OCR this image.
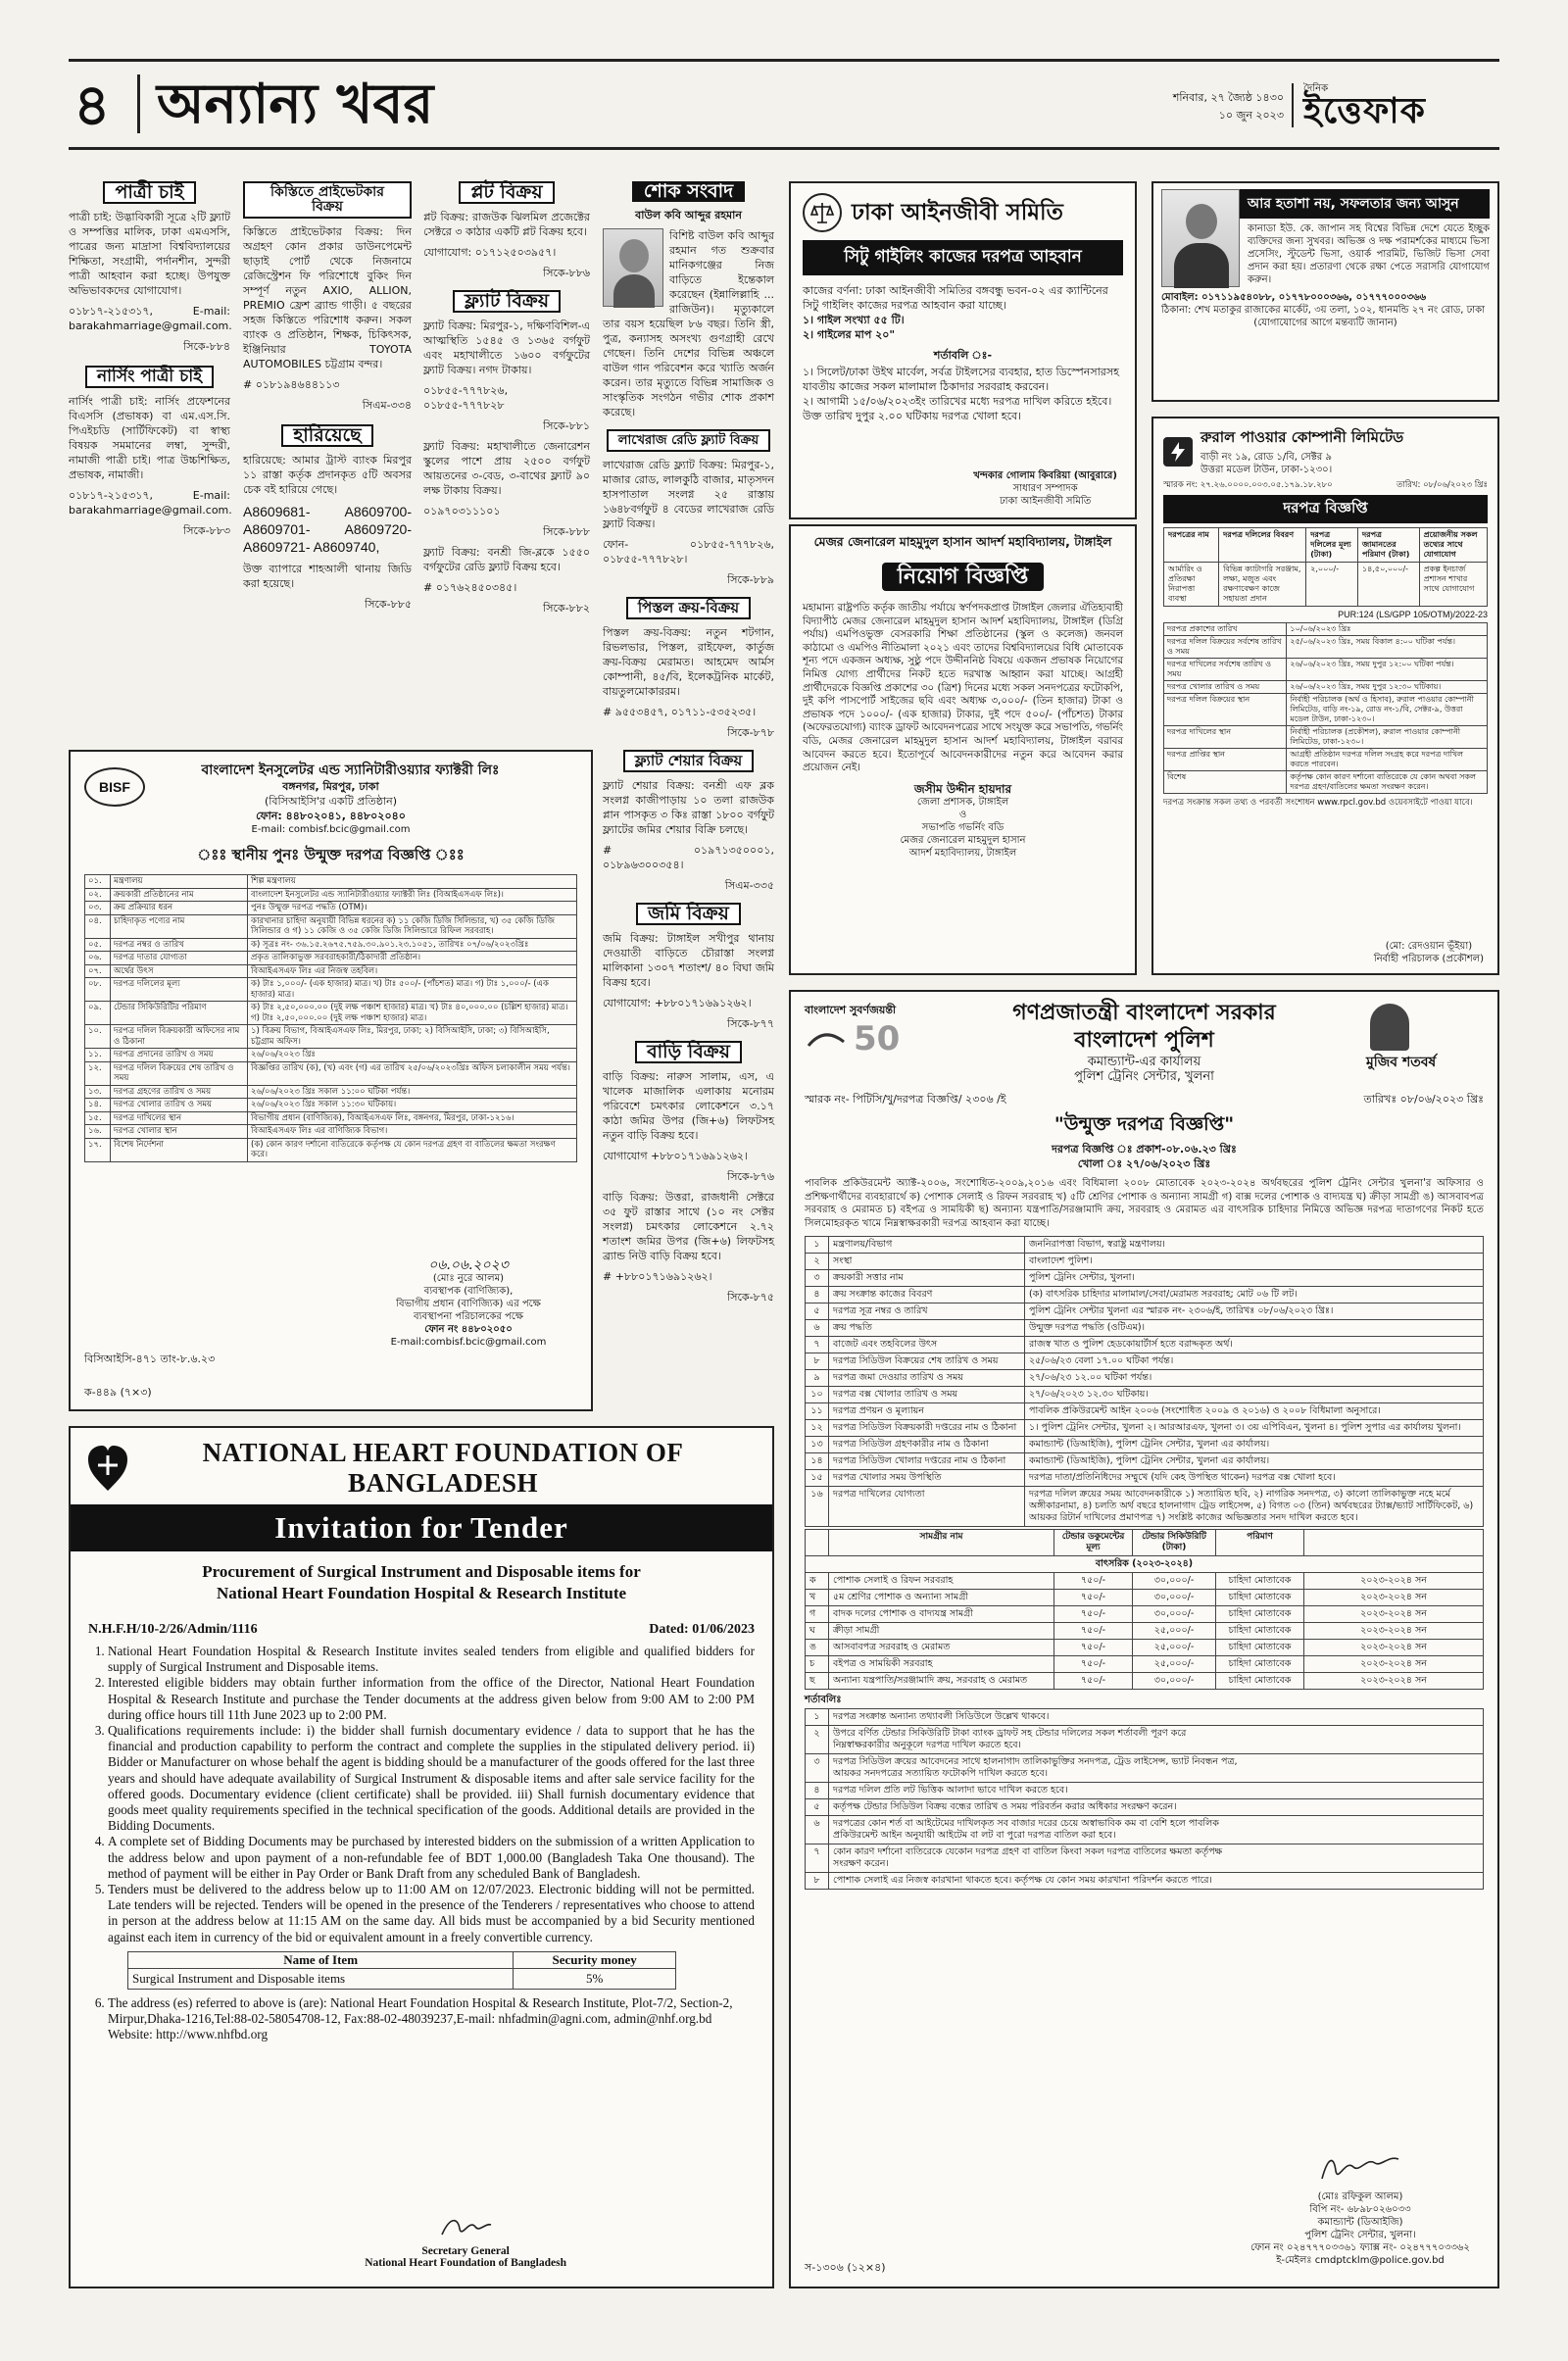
৪ অন্যান্য খবর	শনিবার, ২৭ জ্যৈষ্ঠ ১৪৩০
১০ জুন ২০২৩
দৈনিক
ইত্তেফাক
পাত্রী চাই

পাত্রী চাই: উদ্ভাবিকারী সূত্রে ২টি ফ্ল্যাট ও সম্পত্তির মালিক, ঢাকা এমএসসি, পাত্রের জন্য মাদ্রাসা বিশ্ববিদ্যালয়ের শিক্ষিতা, সংগ্রামী, পর্দানশীন, সুন্দরী পাত্রী আহবান করা হচ্ছে। উপযুক্ত অভিভাবকদের যোগাযোগ।

০১৮১৭-২১৫৩১৭, E-mail: barakahmarriage@gmail.com.

সিকে-৮৮৪

নার্সিং পাত্রী চাই

নার্সিং পাত্রী চাই: নার্সিং প্রফেশনের বিএসসি (প্রভাষক) বা এম.এস.সি. পিএইচডি (সার্টিফিকেট) বা স্বাস্থ্য বিষয়ক সমমানের লম্বা, সুন্দরী, নামাজী পাত্রী চাই। পাত্র উচ্চশিক্ষিত, প্রভাষক, নামাজী।

০১৮১৭-২১৫৩১৭, E-mail: barakahmarriage@gmail.com.

সিকে-৮৮৩

কিস্তিতে প্রাইভেটকার বিক্রয়

কিস্তিতে প্রাইভেটকার বিক্রয়: দিন অগ্রহণ কোন প্রকার ডাউনপেমেন্ট ছাড়াই পোর্ট থেকে নিজনামে রেজিস্ট্রেশন ফি পরিশোধে বুকিং দিন সম্পূর্ণ নতুন AXIO, ALLION, PREMIO ফ্রেশ ব্র্যান্ড গাড়ী। ৫ বছরের সহজ কিস্তিতে পরিশোধ করুন। সকল ব্যাংক ও প্রতিষ্ঠান, শিক্ষক, চিকিৎসক, ইঞ্জিনিয়ার TOYOTA AUTOMOBILES চট্টগ্রাম বন্দর।

# ০১৮১৯৪৬৪৪১১৩

সিএম-৩৩৪

হারিয়েছে

হারিয়েছে: আমার ট্রাস্ট ব্যাংক মিরপুর ১১ রাস্তা কর্তৃক প্রদানকৃত ৫টি অবসর চেক বই হারিয়ে গেছে।

A8609681- A8609700- A8609701- A8609720- A8609721- A8609740,

উক্ত ব্যাপারে শাহআলী থানায় জিডি করা হয়েছে।

সিকে-৮৮৫

প্লট বিক্রয়

প্লট বিক্রয়: রাজউক ঝিলমিল প্রজেক্টের সেক্টরে ৩ কাঠার একটি প্লট বিক্রয় হবে।

যোগাযোগ: ০১৭১২৫০৩৯৫৭।

সিকে-৮৮৬

ফ্ল্যাট বিক্রয়

ফ্ল্যাট বিক্রয়: মিরপুর-১, দক্ষিণবিশিল-এ আত্মস্থিতি ১৫৪৫ ও ১৩৬৫ বর্গফুট এবং মহাখালীতে ১৬০০ বর্গফুটের ফ্ল্যাট বিক্রয়। নগদ টাকায়।

০১৮৫৫-৭৭৭৮২৬, ০১৮৫৫-৭৭৭৮২৮

সিকে-৮৮১

ফ্ল্যাট বিক্রয়: মহাখালীতে জেনারেশন স্কুলের পাশে প্রায় ২৫০০ বর্গফুট আয়তনের ৩-বেড, ৩-বাথের ফ্ল্যাট ৯০ লক্ষ টাকায় বিক্রয়।

০১৯৭০৩১১১০১

সিকে-৮৮৮

ফ্ল্যাট বিক্রয়: বনশ্রী জি-ব্লকে ১৫৫০ বর্গফুটের রেডি ফ্ল্যাট বিক্রয় হবে।

# ০১৭৬২৪৫০৩৪৫।

সিকে-৮৮২

শোক সংবাদ

বাউল কবি আব্দুর রহমান

বিশিষ্ট বাউল কবি আব্দুর রহমান গত শুক্রবার মানিকগঞ্জের নিজ বাড়িতে ইন্তেকাল করেছেন (ইন্নালিল্লাহি ... রাজিউন)। মৃত্যুকালে তার বয়স হয়েছিল ৮৬ বছর। তিনি স্ত্রী, পুত্র, কন্যাসহ অসংখ্য গুণগ্রাহী রেখে গেছেন। তিনি দেশের বিভিন্ন অঞ্চলে বাউল গান পরিবেশন করে খ্যাতি অর্জন করেন। তার মৃত্যুতে বিভিন্ন সামাজিক ও সাংস্কৃতিক সংগঠন গভীর শোক প্রকাশ করেছে।

লাখেরাজ রেডি ফ্ল্যাট বিক্রয়

লাখেরাজ রেডি ফ্ল্যাট বিক্রয়: মিরপুর-১, মাজার রোড, লালকুঠি বাজার, মাতৃসদন হাসপাতাল সংলগ্ন ২৫ রাস্তায় ১৬৪৮বর্গফুট ৪ বেডের লাখেরাজ রেডি ফ্ল্যাট বিক্রয়।

ফোন- ০১৮৫৫-৭৭৭৮২৬, ০১৮৫৫-৭৭৭৮২৮।

সিকে-৮৮৯

পিস্তল ক্রয়-বিক্রয়

পিস্তল ক্রয়-বিক্রয়: নতুন শটগান, রিভলভার, পিস্তল, রাইফেল, কার্তুজ ক্রয়-বিক্রয় মেরামত। আহমেদ আর্মস কোম্পানী, ৪৫/বি, ইলেকট্রনিক মার্কেট, বায়তুলমোকাররম।

# ৯৫৫৩৪৫৭, ০১৭১১-৫৩৫২৩৫।

সিকে-৮৭৮

ফ্ল্যাট শেয়ার বিক্রয়

ফ্ল্যাট শেয়ার বিক্রয়: বনশ্রী এফ ব্লক সংলগ্ন কাজীপাড়ায় ১০ তলা রাজউক প্লান পাসকৃত ৩ কিঃ রাস্তা ১৮০০ বর্গফুট ফ্ল্যাটের জমির শেয়ার বিক্রি চলছে।

# ০১৯৭১৩৫০০০১, ০১৮৯৬৩০০৩৫৪।

সিএম-৩৩৫

জমি বিক্রয়

জমি বিক্রয়: টাঙ্গাইল সখীপুর থানায় দেওয়াতী বাড়িতে চৌরাস্তা সংলগ্ন মালিকানা ১৩০৭ শতাংশ/ ৪০ বিঘা জমি বিক্রয় হবে।

যোগাযোগ: +৮৮০১৭১৬৯১২৬২।

সিকে-৮৭৭

বাড়ি বিক্রয়

বাড়ি বিক্রয়: নারুস সালাম, এস, এ খালেক মাজালিক এলাকায় মনোরম পরিবেশে চমৎকার লোকেশনে ৩.১৭ কাঠা জমির উপর (জি+৬) লিফটসহ নতুন বাড়ি বিক্রয় হবে।

যোগাযোগ +৮৮০১৭১৬৯১২৬২।

সিকে-৮৭৬

বাড়ি বিক্রয়: উত্তরা, রাজধানী সেক্টরে ৩৫ ফুট রাস্তার সাথে (১০ নং সেক্টর সংলগ্ন) চমৎকার লোকেশনে ২.৭২ শতাংশ জমির উপর (জি+৬) লিফটসহ ব্র্যান্ড নিউ বাড়ি বিক্রয় হবে।

# +৮৮০১৭১৬৯১২৬২।

সিকে-৮৭৫

BISF
বাংলাদেশ ইনসুলেটর এন্ড স্যানিটারীওয়্যার ফ্যাক্টরী লিঃ
বঙ্গনগর, মিরপুর, ঢাকা
(বিসিআইসি'র একটি প্রতিষ্ঠান)
ফোন: ৪৪৮০২০৪১, ৪৪৮০২০৪০
E-mail: combisf.bcic@gmail.com
ঃঃ স্থানীয় পুনঃ উন্মুক্ত দরপত্র বিজ্ঞপ্তি ঃঃ
০১.	মন্ত্রণালয়	শিল্প মন্ত্রণালয়
০২.	ক্রয়কারী প্রতিষ্ঠানের নাম	বাংলাদেশ ইনসুলেটর এন্ড স্যানিটারীওয়্যার ফ্যাক্টরী লিঃ (বিআইএসএফ লিঃ)।
০৩.	ক্রয় প্রক্রিয়ার ধরন	পুনঃ উন্মুক্ত দরপত্র পদ্ধতি (OTM)।
০৪.	চাহিদাকৃত পণ্যের নাম	কারখানার চাহিদা অনুযায়ী বিভিন্ন ধরনের ক) ১১ কেজি ডিজি সিলিন্ডার, খ) ৩৫ কেজি ডিজি সিলিন্ডার ও গ) ১১ কেজি ও ৩৫ কেজি ডিজি সিলিন্ডারে রিফিল সরবরাহ।
০৫.	দরপত্র নম্বর ও তারিখ	ক) সূত্রঃ নং- ৩৬.১৫.২৬৭৫.৭৫৯.৩০.৯০১.২৩.১০৫১, তারিখঃ ০৭/০৬/২০২৩খ্রিঃ
০৬.	দরপত্র দাতার যোগ্যতা	প্রকৃত তালিকাভুক্ত সরবরাহকারী/ঠিকাদারী প্রতিষ্ঠান।
০৭.	অর্থের উৎস	বিআইএসএফ লিঃ এর নিজস্ব তহবিল।
০৮.	দরপত্র দলিলের মূল্য	ক) টাঃ ১,০০০/- (এক হাজার) মাত্র। খ) টাঃ ৫০০/- (পাঁচশত) মাত্র। গ) টাঃ ১,০০০/- (এক হাজার) মাত্র।
০৯.	টেন্ডার সিকিউরিটির পরিমাণ	ক) টাঃ ২,৫০,০০০.০০ (দুই লক্ষ পঞ্চাশ হাজার) মাত্র। খ) টাঃ ৪০,০০০.০০ (চল্লিশ হাজার) মাত্র। গ) টাঃ ২,৫০,০০০.০০ (দুই লক্ষ পঞ্চাশ হাজার) মাত্র।
১০.	দরপত্র দলিল বিক্রয়কারী অফিসের নাম ও ঠিকানা	১) বিক্রয় বিভাগ, বিআইএসএফ লিঃ, মিরপুর, ঢাকা; ২) বিসিআইসি, ঢাকা; ৩) বিসিআইসি, চট্টগ্রাম অফিস।
১১.	দরপত্র প্রদানের তারিখ ও সময়	২৬/০৬/২০২৩ খ্রিঃ
১২.	দরপত্র দলিল বিক্রয়ের শেষ তারিখ ও সময়	বিজ্ঞপ্তির তারিখ (ক), (খ) এবং (গ) এর তারিখ ২৫/০৬/২০২৩খ্রিঃ অফিস চলাকালীন সময় পর্যন্ত।
১৩.	দরপত্র গ্রহণের তারিখ ও সময়	২৬/০৬/২০২৩ খ্রিঃ সকাল ১১:০০ ঘটিকা পর্যন্ত।
১৪.	দরপত্র খোলার তারিখ ও সময়	২৬/০৬/২০২৩ খ্রিঃ সকাল ১১:৩০ ঘটিকায়।
১৫.	দরপত্র দাখিলের স্থান	বিভাগীয় প্রধান (বাণিজ্যিক), বিআইএসএফ লিঃ, বঙ্গনগর, মিরপুর, ঢাকা-১২১৬।
১৬.	দরপত্র খোলার স্থান	বিআইএসএফ লিঃ এর বাণিজ্যিক বিভাগ।
১৭.	বিশেষ নির্দেশনা	(ক) কোন কারণ দর্শানো ব্যতিরেকে কর্তৃপক্ষ যে কোন দরপত্র গ্রহণ বা বাতিলের ক্ষমতা সংরক্ষণ করে।
০৬.০৬.২০২৩
(মোঃ নুরে আলম)
ব্যবস্থাপক (বাণিজ্যিক),
বিভাগীয় প্রধান (বাণিজ্যিক) এর পক্ষে
ব্যবস্থাপনা পরিচালকের পক্ষে
ফোন নং ৪৪৮০২০৫০
E-mail:combisf.bcic@gmail.com
বিসিআইসি-৪৭১ তাং-৮.৬.২৩
ক-৪৪৯ (৭×৩)
NATIONAL HEART FOUNDATION OF BANGLADESH
Invitation for Tender
Procurement of Surgical Instrument and Disposable items for
National Heart Foundation Hospital & Research Institute
N.H.F.H/10-2/26/Admin/1116	Dated: 01/06/2023
1. National Heart Foundation Hospital & Research Institute invites sealed tenders from eligible and qualified bidders for supply of Surgical Instrument and Disposable items.
2. Interested eligible bidders may obtain further information from the office of the Director, National Heart Foundation Hospital & Research Institute and purchase the Tender documents at the address given below from 9:00 AM to 2:00 PM during office hours till 11th June 2023 up to 2:00 PM.
3. Qualifications requirements include: i) the bidder shall furnish documentary evidence / data to support that he has the financial and production capability to perform the contract and complete the supplies in the stipulated delivery period. ii) Bidder or Manufacturer on whose behalf the agent is bidding should be a manufacturer of the goods offered for the last three years and should have adequate availability of Surgical Instrument & disposable items and after sale service facility for the offered goods. Documentary evidence (client certificate) shall be provided. iii) Shall furnish documentary evidence that goods meet quality requirements specified in the technical specification of the goods. Additional details are provided in the Bidding Documents.
4. A complete set of Bidding Documents may be purchased by interested bidders on the submission of a written Application to the address below and upon payment of a non-refundable fee of BDT 1,000.00 (Bangladesh Taka One thousand). The method of payment will be either in Pay Order or Bank Draft from any scheduled Bank of Bangladesh.
5. Tenders must be delivered to the address below up to 11:00 AM on 12/07/2023. Electronic bidding will not be permitted. Late tenders will be rejected. Tenders will be opened in the presence of the Tenderers / representatives who choose to attend in person at the address below at 11:15 AM on the same day. All bids must be accompanied by a bid Security mentioned against each item in currency of the bid or equivalent amount in a freely convertible currency.
Name of Item	Security money
Surgical Instrument and Disposable items	5%
6. The address (es) referred to above is (are): National Heart Foundation Hospital & Research Institute, Plot-7/2, Section-2, Mirpur,Dhaka-1216,Tel:88-02-58054708-12, Fax:88-02-48039237,E-mail: nhfadmin@agni.com, admin@nhf.org.bd Website: http://www.nhfbd.org
Secretary General
National Heart Foundation of Bangladesh
ঢাকা আইনজীবী সমিতি
সিটু গাইলিং কাজের দরপত্র আহবান

কাজের বর্ণনা: ঢাকা আইনজীবী সমিতির বঙ্গবন্ধু ভবন-০২ এর ক্যান্টিনের সিটু গাইলিং কাজের দরপত্র আহবান করা যাচ্ছে।

১। গাইল সংখ্যা ৫৫ টি।

২। গাইলের মাপ ২০"

শর্তাবলি ঃ-

১। সিলেট/ঢাকা উইথ মার্বেল, সর্বত্র টাইলসের ব্যবহার, হাত ডিস্পেনসারসহ যাবতীয় কাজের সকল মালামাল ঠিকাদার সরবরাহ করবেন।

২। আগামী ১৫/০৬/২০২৩ইং তারিখের মধ্যে দরপত্র দাখিল করিতে হইবে। উক্ত তারিখ দুপুর ২.০০ ঘটিকায় দরপত্র খোলা হবে।

খন্দকার গোলাম কিবরিয়া (আবুরারে)
সাধারণ সম্পাদক
ঢাকা আইনজীবী সমিতি
মেজর জেনারেল মাহমুদুল হাসান আদর্শ মহাবিদ্যালয়, টাঙ্গাইল
নিয়োগ বিজ্ঞপ্তি

মহামান্য রাষ্ট্রপতি কর্তৃক জাতীয় পর্যায়ে স্বর্ণপদকপ্রাপ্ত টাঙ্গাইল জেলার ঐতিহ্যবাহী বিদ্যাপীঠ মেজর জেনারেল মাহমুদুল হাসান আদর্শ মহাবিদ্যালয়, টাঙ্গাইল (ডিগ্রি পর্যায়) এমপিওভুক্ত বেসরকারি শিক্ষা প্রতিষ্ঠানের (স্কুল ও কলেজ) জনবল কাঠামো ও এমপিও নীতিমালা ২০২১ এবং তাদের বিশ্ববিদ্যালয়ের বিধি মোতাবেক শূন্য পদে একজন অধ্যক্ষ, সুষ্ঠু পদে উদ্দীননিষ্ঠ বিষয়ে একজন প্রভাষক নিয়োগের নিমিত্ত যোগ্য প্রার্থীদের নিকট হতে দরখাস্ত আহ্বান করা যাচ্ছে। আগ্রহী প্রার্থীদেরকে বিজ্ঞপ্তি প্রকাশের ৩০ (ত্রিশ) দিনের মধ্যে সকল সনদপত্রের ফটোকপি, দুই কপি পাসপোর্ট সাইজের ছবি এবং অধ্যক্ষ ৩,০০০/- (তিন হাজার) টাকা ও প্রভাষক পদে ১০০০/- (এক হাজার) টাকার, দুই পদে ৫০০/- (পাঁচশত) টাকার (অফেরতযোগ্য) ব্যাংক ড্রাফট আবেদনপত্রের সাথে সংযুক্ত করে সভাপতি, গভর্নিং বডি, মেজর জেনারেল মাহমুদুল হাসান আদর্শ মহাবিদ্যালয়, টাঙ্গাইল বরাবর আবেদন করতে হবে। ইতোপূর্বে আবেদনকারীদের নতুন করে আবেদন করার প্রয়োজন নেই।

জসীম উদ্দীন হায়দার
জেলা প্রশাসক, টাঙ্গাইল
ও
সভাপতি গভর্নিং বডি
মেজর জেনারেল মাহমুদুল হাসান
আদর্শ মহাবিদ্যালয়, টাঙ্গাইল
আর হতাশা নয়, সফলতার জন্য আসুন

কানাডা ইউ. কে. জাপান সহ বিশ্বের বিভিন্ন দেশে যেতে ইচ্ছুক ব্যক্তিদের জন্য সুখবর। অভিজ্ঞ ও দক্ষ পরামর্শকের মাধ্যমে ভিসা প্রসেসিং, স্টুডেন্ট ভিসা, ওয়ার্ক পারমিট, ভিজিট ভিসা সেবা প্রদান করা হয়। প্রতারণা থেকে রক্ষা পেতে সরাসরি যোগাযোগ করুন।

মোবাইল: ০১৭১১৯৫৪০৮৮, ০১৭৭৮০০০৩৬৬, ০১৭৭৭০০০৩৬৬

ঠিকানা: শেখ মতাকুর রাজাকের মার্কেট, ৩য় তলা, ১০২, ধানমন্ডি ২৭ নং রোড, ঢাকা

(যোগাযোগের আগে মন্তব্যটি জানান)

রুরাল পাওয়ার কোম্পানী লিমিটেড
বাড়ী নং ১৯, রোড ১/বি, সেক্টর ৯
উত্তরা মডেল টাউন, ঢাকা-১২৩০।
স্মারক নং: ২৭.২৬.০০০০.০০৩.০৫.১৭৯.১৮.২৮০	তারিখ: ০৮/০৬/২০২৩ খ্রিঃ
দরপত্র বিজ্ঞপ্তি
দরপত্রের নাম	দরপত্র দলিলের বিবরণ	দরপত্র দলিলের মূল্য (টাকা)	দরপত্র জামানতের পরিমাণ (টাকা)	প্রয়োজনীয় সকল তথ্যের সাথে যোগাযোগ
আর্মারিং ও প্রতিরক্ষা নিরাপত্তা ব্যবস্থা	বিভিন্ন ক্যাটাগরি সরঞ্জাম, লক্ষ্য, মজুত এবং রক্ষণাবেক্ষণ কাজে সহায়তা প্রদান	২,০০০/-	১৪,৫০,০০০/-	প্রকল্প ইনচার্জ প্রশাসন শাখার সাথে যোগাযোগ
PUR:124 (LS/GPP 105/OTM)/2022-23
দরপত্র প্রকাশের তারিখ	১০/০৬/২০২৩ খ্রিঃ
দরপত্র দলিল বিক্রয়ের সর্বশেষ তারিখ ও সময়	২৫/০৬/২০২৩ খ্রিঃ, সময় বিকাল ৪:০০ ঘটিকা পর্যন্ত।
দরপত্র দাখিলের সর্বশেষ তারিখ ও সময়	২৬/০৬/২০২৩ খ্রিঃ, সময় দুপুর ১২:০০ ঘটিকা পর্যন্ত।
দরপত্র খোলার তারিখ ও সময়	২৬/০৬/২০২৩ খ্রিঃ, সময় দুপুর ১২:৩০ ঘটিকায়।
দরপত্র দলিল বিক্রয়ের স্থান	নির্বাহী পরিচালক (অর্থ ও হিসাব), রুরাল পাওয়ার কোম্পানী লিমিটেড, বাড়ি নং-১৯, রোড নং-১/বি, সেক্টর-৯, উত্তরা মডেল টাউন, ঢাকা-১২৩০।
দরপত্র দাখিলের স্থান	নির্বাহী পরিচালক (প্রকৌশল), রুরাল পাওয়ার কোম্পানী লিমিটেড, ঢাকা-১২৩০।
দরপত্র প্রাপ্তির স্থান	আগ্রহী প্রতিষ্ঠান দরপত্র দলিল সংগ্রহ করে দরপত্র দাখিল করতে পারবেন।
বিশেষ	কর্তৃপক্ষ কোন কারণ দর্শানো ব্যতিরেকে যে কোন অথবা সকল দরপত্র গ্রহণ/বাতিলের ক্ষমতা সংরক্ষণ করেন।

দরপত্র সংক্রান্ত সকল তথ্য ও পরবর্তী সংশোধন www.rpcl.gov.bd ওয়েবসাইটে পাওয়া যাবে।

(মো: রেদওয়ান ভূঁইয়া)
নির্বাহী পরিচালক (প্রকৌশল)
বাংলাদেশ সুবর্ণজয়ন্তী
50
মুজিব শতবর্ষ
গণপ্রজাতন্ত্রী বাংলাদেশ সরকার
বাংলাদেশ পুলিশ
কমান্ড্যান্ট-এর কার্যালয়
পুলিশ ট্রেনিং সেন্টার, খুলনা
স্মারক নং- পিটিসি/খু/দরপত্র বিজ্ঞপ্তি/ ২৩০৬ /ই	তারিখঃ ০৮/০৬/২০২৩ খ্রিঃ
"উন্মুক্ত দরপত্র বিজ্ঞপ্তি"
দরপত্র বিজ্ঞপ্তি ঃ প্রকাশ-০৮.০৬.২৩ খ্রিঃ
খোলা ঃ ২৭/০৬/২০২৩ খ্রিঃ

পাবলিক প্রকিউরমেন্ট অ্যাক্ট-২০০৬, সংশোধিত-২০০৯,২০১৬ এবং বিধিমালা ২০০৮ মোতাবেক ২০২৩-২০২৪ অর্থবছরের পুলিশ ট্রেনিং সেন্টার খুলনা'র অফিসার ও প্রশিক্ষণার্থীদের ব্যবহারার্থে ক) পোশাক সেলাই ও রিফন সরবরাহ খ) ৫টি শ্রেণির পোশাক ও অন্যান্য সামগ্রী গ) বাক্স দলের পোশাক ও বাদ্যযন্ত্র ঘ) ক্রীড়া সামগ্রী ঙ) আসবাবপত্র সরবরাহ ও মেরামত চ) বইপত্র ও সাময়িকী ছ) অন্যান্য যন্ত্রপাতি/সরঞ্জামাদি ক্রয়, সরবরাহ ও মেরামত এর বাৎসরিক চাহিদার নিমিত্তে অভিজ্ঞ দরপত্র দাতাগণের নিকট হতে সিলমোহরকৃত খামে নিম্নস্বাক্ষরকারী দরপত্র আহবান করা যাচ্ছে।

১	মন্ত্রণালয়/বিভাগ	জননিরাপত্তা বিভাগ, স্বরাষ্ট্র মন্ত্রণালয়।
২	সংস্থা	বাংলাদেশ পুলিশ।
৩	ক্রয়কারী সত্তার নাম	পুলিশ ট্রেনিং সেন্টার, খুলনা।
৪	ক্রয় সংক্রান্ত কাজের বিবরণ	(ক) বাৎসরিক চাহিদার মালামাল/সেবা/মেরামত সরবরাহ; মোট ০৬ টি লট।
৫	দরপত্র সূত্র নম্বর ও তারিখ	পুলিশ ট্রেনিং সেন্টার খুলনা এর স্মারক নং- ২৩০৬/ই, তারিখঃ ০৮/০৬/২০২৩ খ্রিঃ।
৬	ক্রয় পদ্ধতি	উন্মুক্ত দরপত্র পদ্ধতি (ওটিএম)।
৭	বাজেট এবং তহবিলের উৎস	রাজস্ব খাত ও পুলিশ হেডকোয়ার্টার্স হতে বরাদ্দকৃত অর্থ।
৮	দরপত্র সিডিউল বিক্রয়ের শেষ তারিখ ও সময়	২৫/০৬/২৩ বেলা ১৭.০০ ঘটিকা পর্যন্ত।
৯	দরপত্র জমা দেওয়ার তারিখ ও সময়	২৭/০৬/২৩ ১২.০০ ঘটিকা পর্যন্ত।
১০	দরপত্র বক্স খোলার তারিখ ও সময়	২৭/০৬/২০২৩ ১২.৩০ ঘটিকায়।
১১	দরপত্র প্রণয়ন ও মূল্যায়ন	পাবলিক প্রকিউরমেন্ট আইন ২০০৬ (সংশোধিত ২০০৯ ও ২০১৬) ও ২০০৮ বিধিমালা অনুসারে।
১২	দরপত্র সিডিউল বিক্রয়কারী দপ্তরের নাম ও ঠিকানা	১। পুলিশ ট্রেনিং সেন্টার, খুলনা ২। আরআরএফ, খুলনা ৩। ৩য় এপিবিএন, খুলনা ৪। পুলিশ সুপার এর কার্যালয় খুলনা।
১৩	দরপত্র সিডিউল গ্রহণকারীর নাম ও ঠিকানা	কমান্ড্যান্ট (ডিআইজি), পুলিশ ট্রেনিং সেন্টার, খুলনা এর কার্যালয়।
১৪	দরপত্র সিডিউল খোলার দপ্তরের নাম ও ঠিকানা	কমান্ড্যান্ট (ডিআইজি), পুলিশ ট্রেনিং সেন্টার, খুলনা এর কার্যালয়।
১৫	দরপত্র খোলার সময় উপস্থিতি	দরপত্র দাতা/প্রতিনিধিদের সম্মুখে (যদি কেহ উপস্থিত থাকেন) দরপত্র বক্স খোলা হবে।
১৬	দরপত্র দাখিলের যোগ্যতা	দরপত্র দলিল ক্রয়ের সময় আবেদনকারীকে ১) সত্যায়িত ছবি, ২) নাগরিক সনদপত্র, ৩) কালো তালিকাভুক্ত নহে মর্মে অঙ্গীকারনামা, ৪) চলতি অর্থ বছরে হালনাগাদ ট্রেড লাইসেন্স, ৫) বিগত ০৩ (তিন) অর্থবছরের ট্যাক্স/ভ্যাট সার্টিফিকেট, ৬) আয়কর রিটার্ন দাখিলের প্রমাণপত্র ৭) সংশ্লিষ্ট কাজের অভিজ্ঞতার সনদ দাখিল করতে হবে।
	সামগ্রীর নাম	টেন্ডার ডকুমেন্টের মূল্য	টেন্ডার সিকিউরিটি (টাকা)	পরিমাণ	
বাৎসরিক (২০২৩-২০২৪)					
ক	পোশাক সেলাই ও রিফন সরবরাহ	৭৫০/-	৩০,০০০/-	চাহিদা মোতাবেক	২০২৩-২০২৪ সন
খ	৫ম শ্রেণির পোশাক ও অন্যান্য সামগ্রী	৭৫০/-	৩০,০০০/-	চাহিদা মোতাবেক	২০২৩-২০২৪ সন
গ	বাদক দলের পোশাক ও বাদ্যযন্ত্র সামগ্রী	৭৫০/-	৩০,০০০/-	চাহিদা মোতাবেক	২০২৩-২০২৪ সন
ঘ	ক্রীড়া সামগ্রী	৭৫০/-	২৫,০০০/-	চাহিদা মোতাবেক	২০২৩-২০২৪ সন
ঙ	আসবাবপত্র সরবরাহ ও মেরামত	৭৫০/-	২৫,০০০/-	চাহিদা মোতাবেক	২০২৩-২০২৪ সন
চ	বইপত্র ও সাময়িকী সরবরাহ	৭৫০/-	২৫,০০০/-	চাহিদা মোতাবেক	২০২৩-২০২৪ সন
ছ	অন্যান্য যন্ত্রপাতি/সরঞ্জামাদি ক্রয়, সরবরাহ ও মেরামত	৭৫০/-	৩০,০০০/-	চাহিদা মোতাবেক	২০২৩-২০২৪ সন
শর্তাবলিঃ
১	দরপত্র সংক্রান্ত অন্যান্য তথ্যাবলী সিডিউলে উল্লেখ থাকবে।
২	উপরে বর্ণিত টেন্ডার সিকিউরিটি টাকা ব্যাংক ড্রাফট সহ টেন্ডার দলিলের সকল শর্তাবলী পূরণ করে নিম্নস্বাক্ষরকারীর অনুকূলে দরপত্র দাখিল করতে হবে।
৩	দরপত্র সিডিউল ক্রয়ের আবেদনের সাথে হালনাগাদ তালিকাভুক্তির সনদপত্র, ট্রেড লাইসেন্স, ভ্যাট নিবন্ধন পত্র, আয়কর সনদপত্রের সত্যায়িত ফটোকপি দাখিল করতে হবে।
৪	দরপত্র দলিল প্রতি লট ভিত্তিক আলাদা ভাবে দাখিল করতে হবে।
৫	কর্তৃপক্ষ টেন্ডার সিডিউল বিক্রয় বন্ধের তারিখ ও সময় পরিবর্তন করার অধিকার সংরক্ষণ করেন।
৬	দরপত্রের কোন শর্ত বা আইটেমের দাখিলকৃত সব বাজার দরের চেয়ে অস্বাভাবিক কম বা বেশি হলে পাবলিক প্রকিউরমেন্ট আইন অনুযায়ী আইটেম বা লট বা পুরো দরপত্র বাতিল করা হবে।
৭	কোন কারণ দর্শানো ব্যতিরেকে যেকোন দরপত্র গ্রহণ বা বাতিল কিংবা সকল দরপত্র বাতিলের ক্ষমতা কর্তৃপক্ষ সংরক্ষণ করেন।
৮	পোশাক সেলাই এর নিজস্ব কারখানা থাকতে হবে। কর্তৃপক্ষ যে কোন সময় কারখানা পরিদর্শন করতে পারে।
(মোঃ রফিকুল আলম)
বিপি নং- ৬৮৯৮০২৬০৩৩
কমান্ড্যান্ট (ডিআইজি)
পুলিশ ট্রেনিং সেন্টার, খুলনা।
ফোন নং ০২৪৭৭৭০৩৩৬১ ফ্যাক্স নং- ০২৪৭৭৭০৩৩৬২
ই-মেইলঃ cmdptcklm@police.gov.bd
স-১৩০৬ (১২×৪)
